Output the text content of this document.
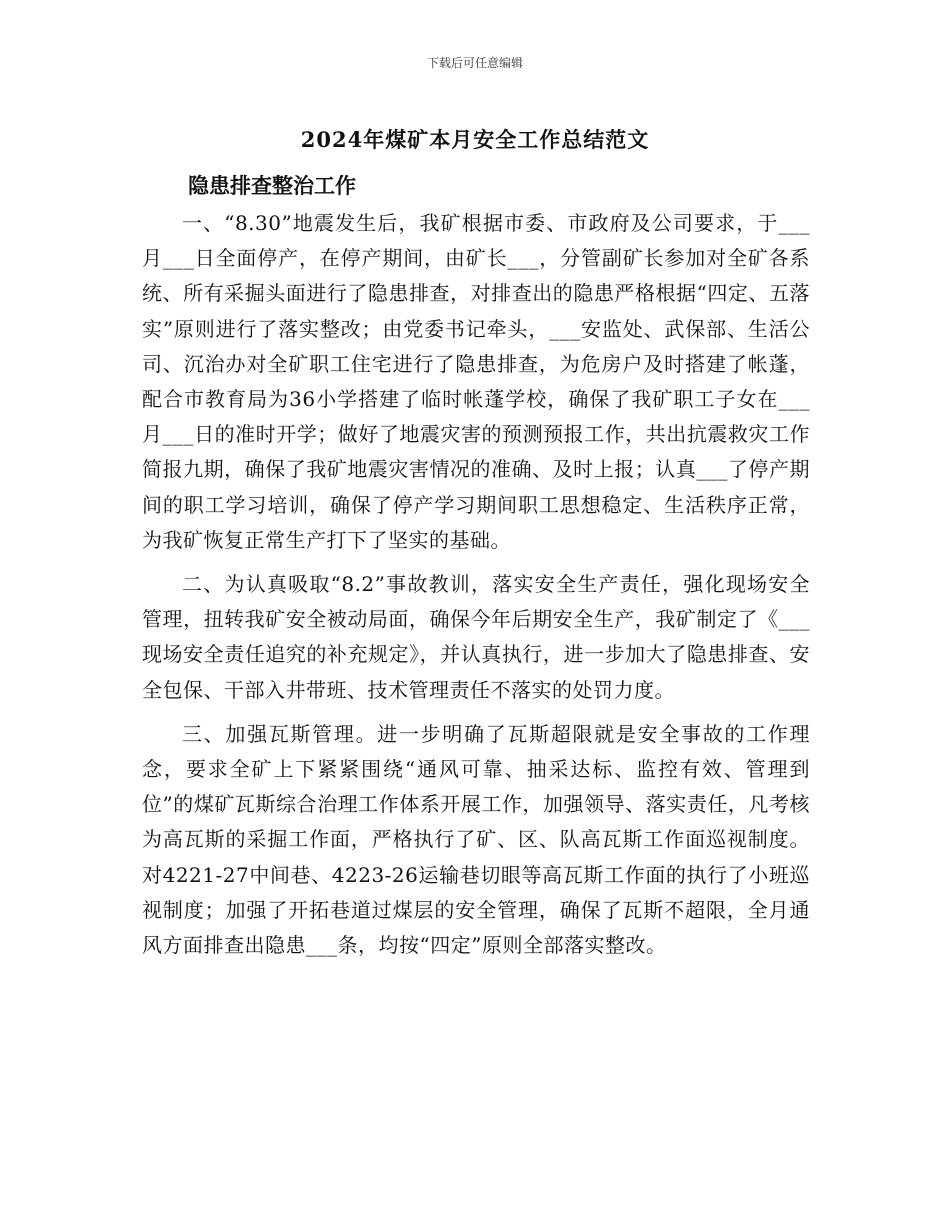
下载后可任意编辑
2024年煤矿本月安全工作总结范文
隐患排查整治工作

一、“8.30”地震发生后，我矿根据市委、市政府及公司要求，于___月___日全面停产，在停产期间，由矿长___，分管副矿长参加对全矿各系统、所有采掘头面进行了隐患排查，对排查出的隐患严格根据“四定、五落实”原则进行了落实整改；由党委书记牵头，___安监处、武保部、生活公司、沉治办对全矿职工住宅进行了隐患排查，为危房户及时搭建了帐蓬，配合市教育局为36小学搭建了临时帐蓬学校，确保了我矿职工子女在___月___日的准时开学；做好了地震灾害的预测预报工作，共出抗震救灾工作简报九期，确保了我矿地震灾害情况的准确、及时上报；认真___了停产期间的职工学习培训，确保了停产学习期间职工思想稳定、生活秩序正常，为我矿恢复正常生产打下了坚实的基础。

二、为认真吸取“8.2”事故教训，落实安全生产责任，强化现场安全管理，扭转我矿安全被动局面，确保今年后期安全生产，我矿制定了《___现场安全责任追究的补充规定》，并认真执行，进一步加大了隐患排查、安全包保、干部入井带班、技术管理责任不落实的处罚力度。

三、加强瓦斯管理。进一步明确了瓦斯超限就是安全事故的工作理念，要求全矿上下紧紧围绕“通风可靠、抽采达标、监控有效、管理到位”的煤矿瓦斯综合治理工作体系开展工作，加强领导、落实责任，凡考核为高瓦斯的采掘工作面，严格执行了矿、区、队高瓦斯工作面巡视制度。对4221-27中间巷、4223-26运输巷切眼等高瓦斯工作面的执行了小班巡视制度；加强了开拓巷道过煤层的安全管理，确保了瓦斯不超限，全月通风方面排查出隐患___条，均按“四定”原则全部落实整改。
